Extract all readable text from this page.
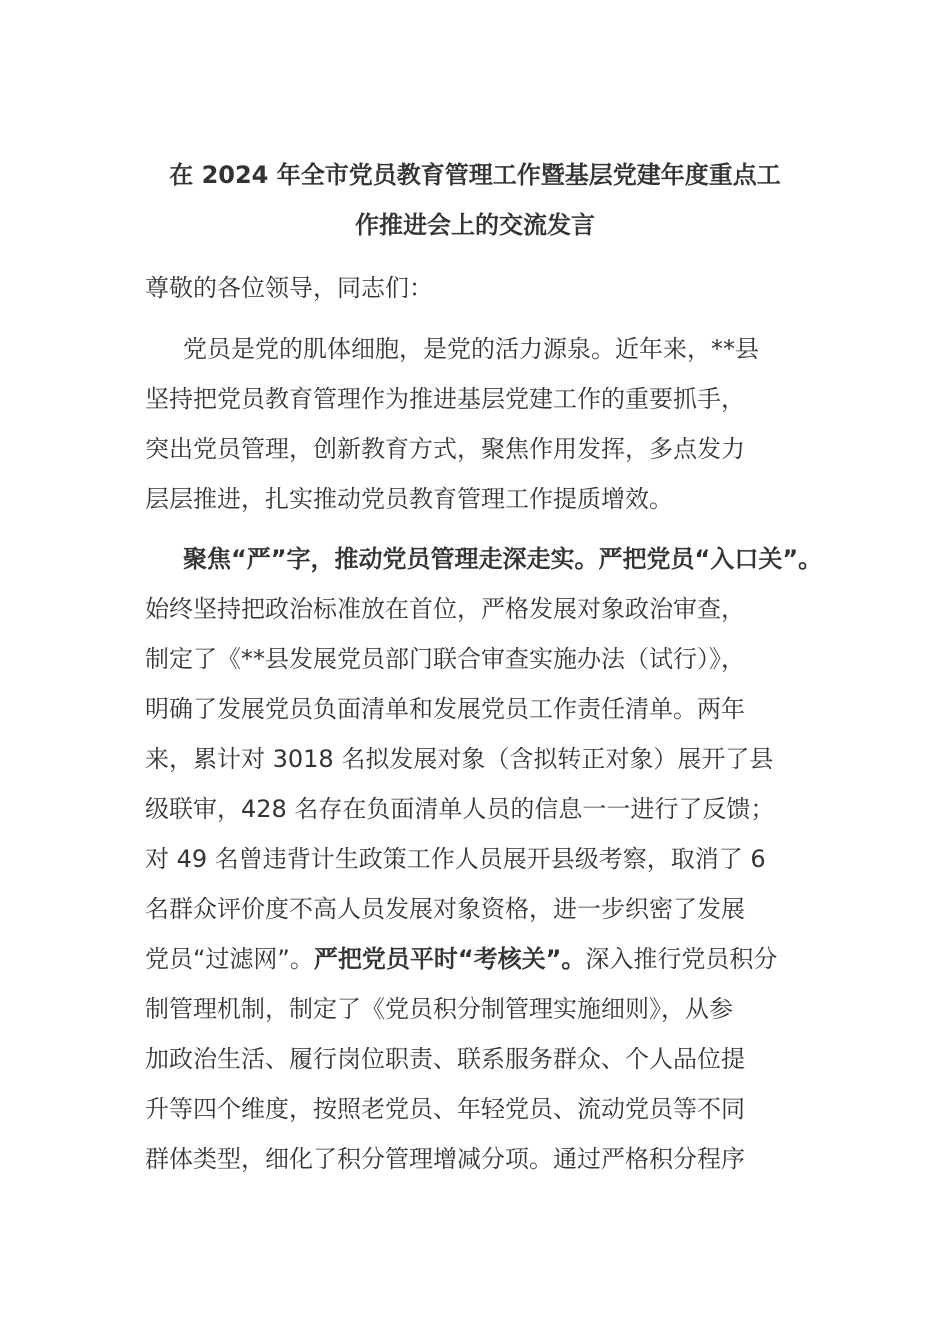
在 2024 年全市党员教育管理工作暨基层党建年度重点工
作推进会上的交流发言
尊敬的各位领导，同志们：
党员是党的肌体细胞，是党的活力源泉。近年来，**县
坚持把党员教育管理作为推进基层党建工作的重要抓手，
突出党员管理，创新教育方式，聚焦作用发挥，多点发力
层层推进，扎实推动党员教育管理工作提质增效。
聚焦“严”字，推动党员管理走深走实。严把党员“入口关”。
始终坚持把政治标准放在首位，严格发展对象政治审查，
制定了《**县发展党员部门联合审查实施办法（试行）》，
明确了发展党员负面清单和发展党员工作责任清单。两年
来，累计对 3018 名拟发展对象（含拟转正对象）展开了县
级联审，428 名存在负面清单人员的信息一一进行了反馈；
对 49 名曾违背计生政策工作人员展开县级考察，取消了 6
名群众评价度不高人员发展对象资格，进一步织密了发展
党员“过滤网”。严把党员平时“考核关”。深入推行党员积分
制管理机制，制定了《党员积分制管理实施细则》，从参
加政治生活、履行岗位职责、联系服务群众、个人品位提
升等四个维度，按照老党员、年轻党员、流动党员等不同
群体类型，细化了积分管理增减分项。通过严格积分程序
